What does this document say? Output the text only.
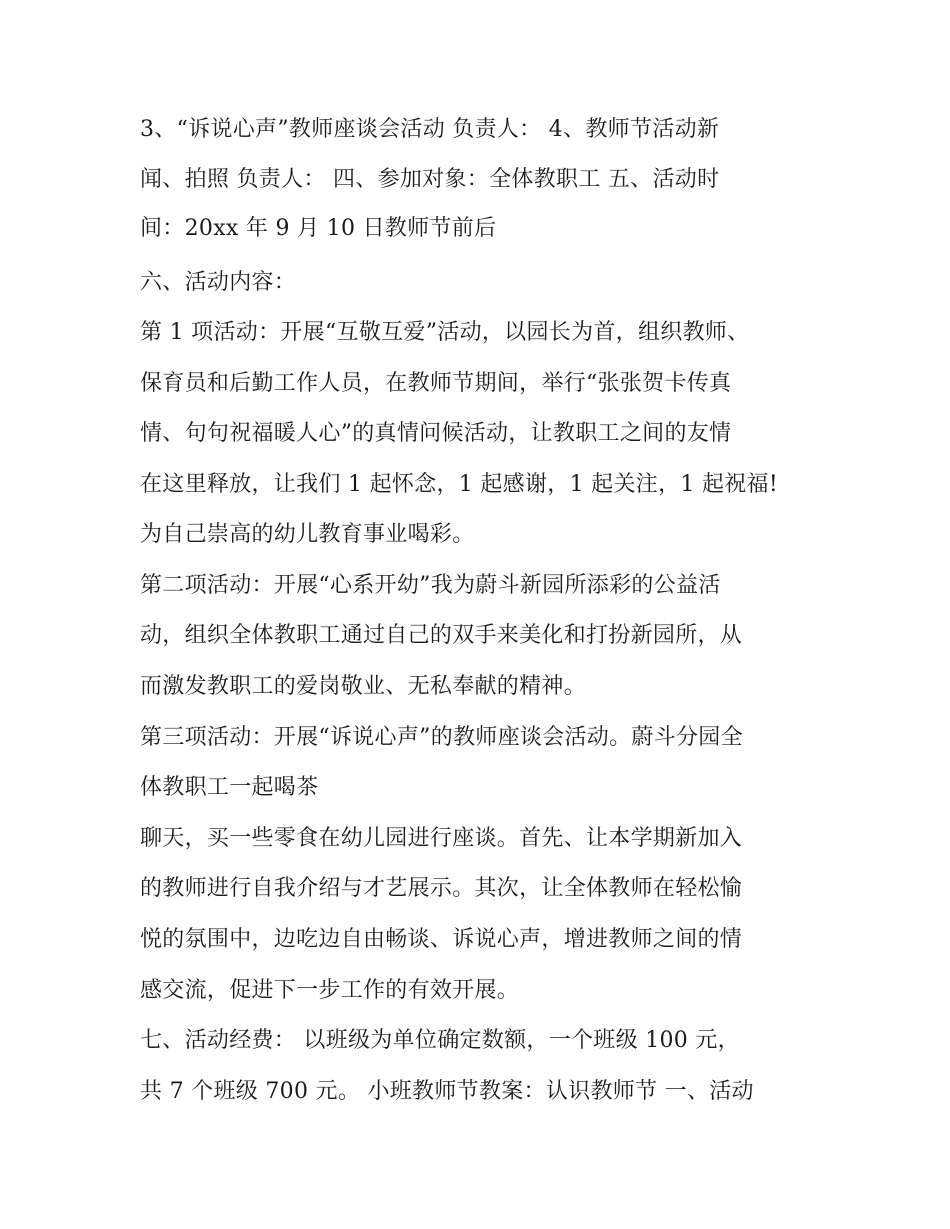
3、“诉说心声”教师座谈会活动 负责人： 4、教师节活动新
闻、拍照 负责人： 四、参加对象：全体教职工 五、活动时
间：20xx 年 9 月 10 日教师节前后
六、活动内容：
第 1 项活动：开展“互敬互爱”活动，以园长为首，组织教师、
保育员和后勤工作人员，在教师节期间，举行“张张贺卡传真
情、句句祝福暖人心”的真情问候活动，让教职工之间的友情
在这里释放，让我们 1 起怀念，1 起感谢，1 起关注，1 起祝福!
为自己崇高的幼儿教育事业喝彩。
第二项活动：开展“心系开幼”我为蔚斗新园所添彩的公益活
动，组织全体教职工通过自己的双手来美化和打扮新园所，从
而激发教职工的爱岗敬业、无私奉献的精神。
第三项活动：开展“诉说心声”的教师座谈会活动。蔚斗分园全
体教职工一起喝茶
聊天，买一些零食在幼儿园进行座谈。首先、让本学期新加入
的教师进行自我介绍与才艺展示。其次，让全体教师在轻松愉
悦的氛围中，边吃边自由畅谈、诉说心声，增进教师之间的情
感交流，促进下一步工作的有效开展。
七、活动经费： 以班级为单位确定数额，一个班级 100 元，
共 7 个班级 700 元。 小班教师节教案：认识教师节 一、活动
